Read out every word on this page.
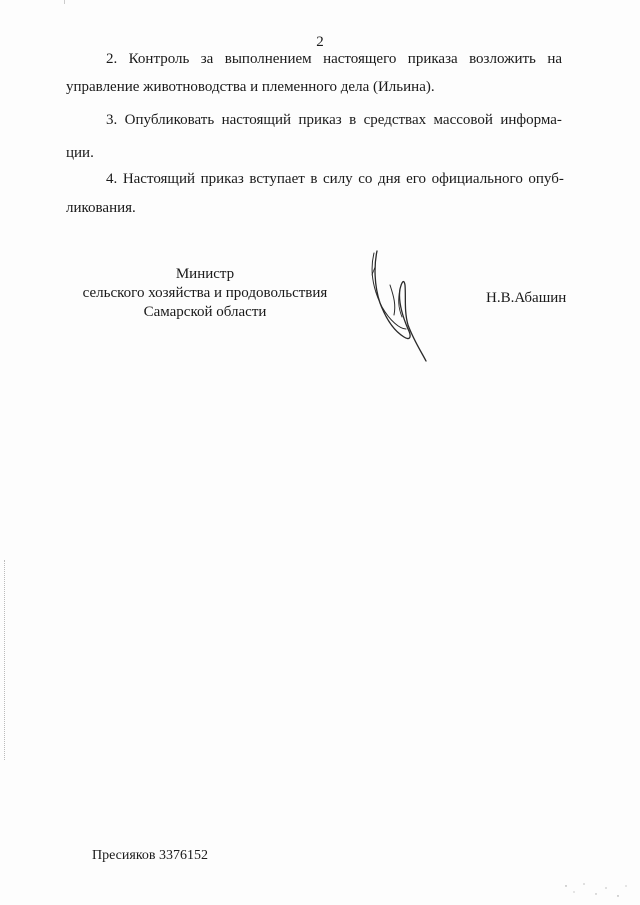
2
2. Контроль за выполнением настоящего приказа возложить на
управление животноводства и племенного дела (Ильина).
3. Опубликовать настоящий приказ в средствах массовой информа-
ции.
4. Настоящий приказ вступает в силу со дня его официального опуб-
ликования.
Министр
сельского хозяйства и продовольствия
Самарской области
Н.В.Абашин
Пресияков 3376152
